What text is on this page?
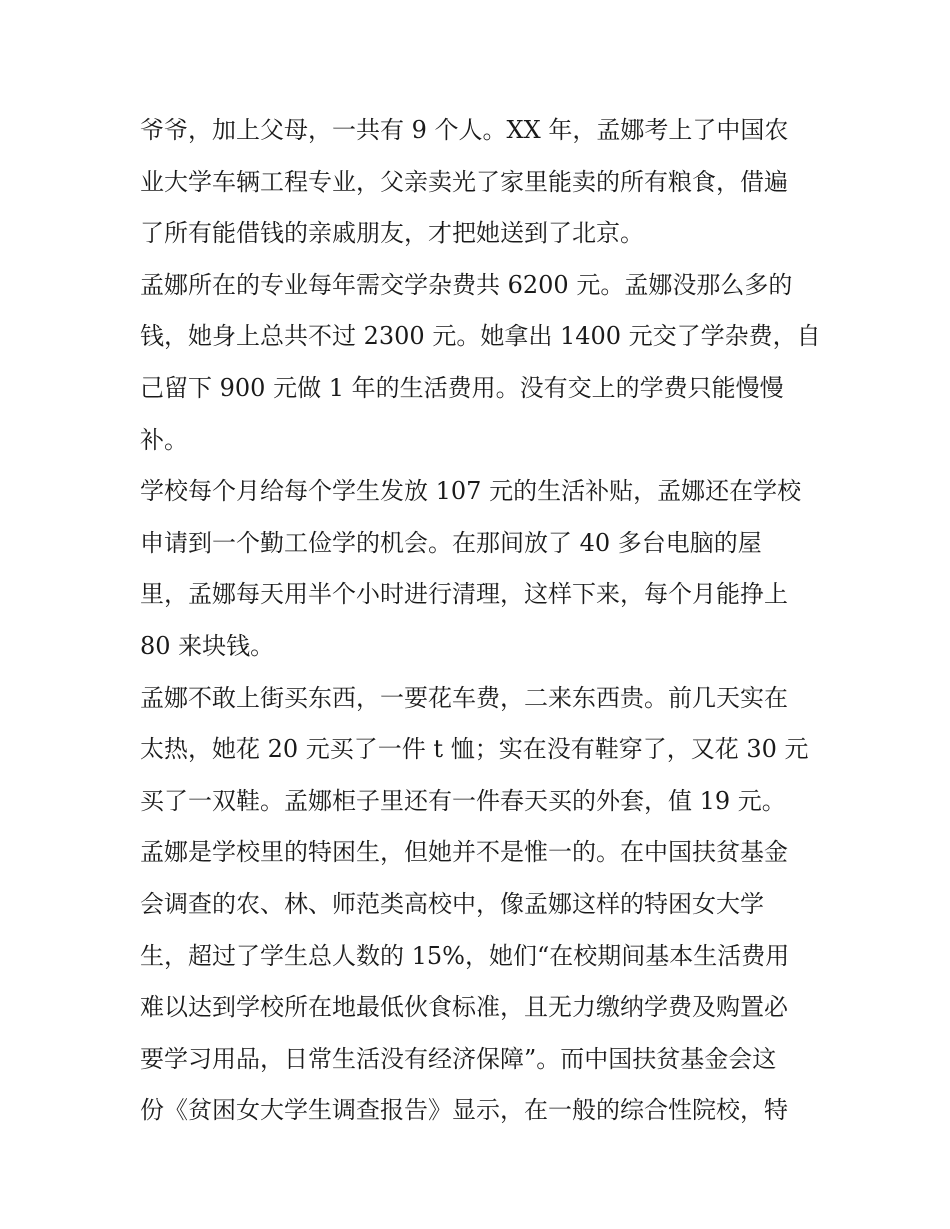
爷爷，加上父母，一共有 9 个人。XX 年，孟娜考上了中国农
业大学车辆工程专业，父亲卖光了家里能卖的所有粮食，借遍
了所有能借钱的亲戚朋友，才把她送到了北京。
孟娜所在的专业每年需交学杂费共 6200 元。孟娜没那么多的
钱，她身上总共不过 2300 元。她拿出 1400 元交了学杂费，自
己留下 900 元做 1 年的生活费用。没有交上的学费只能慢慢
补。
学校每个月给每个学生发放 107 元的生活补贴，孟娜还在学校
申请到一个勤工俭学的机会。在那间放了 40 多台电脑的屋
里，孟娜每天用半个小时进行清理，这样下来，每个月能挣上
80 来块钱。
孟娜不敢上街买东西，一要花车费，二来东西贵。前几天实在
太热，她花 20 元买了一件 t 恤；实在没有鞋穿了，又花 30 元
买了一双鞋。孟娜柜子里还有一件春天买的外套，值 19 元。
孟娜是学校里的特困生，但她并不是惟一的。在中国扶贫基金
会调查的农、林、师范类高校中，像孟娜这样的特困女大学
生，超过了学生总人数的 15%，她们“在校期间基本生活费用
难以达到学校所在地最低伙食标准，且无力缴纳学费及购置必
要学习用品，日常生活没有经济保障”。而中国扶贫基金会这
份《贫困女大学生调查报告》显示，在一般的综合性院校，特
